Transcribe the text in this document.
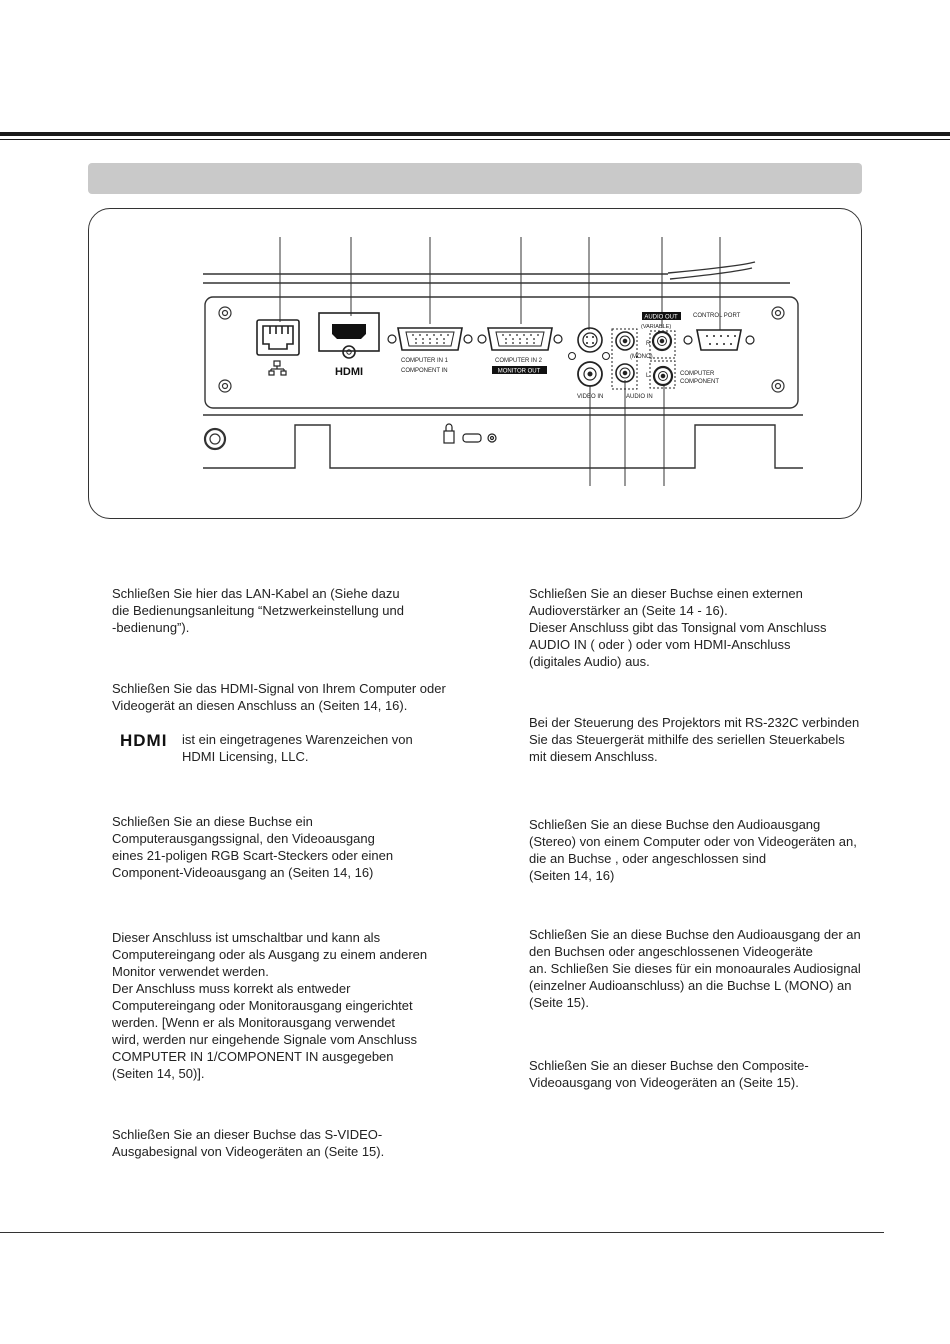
HDMI
COMPUTER IN 1
COMPONENT IN
COMPUTER IN 2
MONITOR OUT
VIDEO IN	AUDIO IN
R
(MONO)
L
AUDIO OUT
(VARIABLE)
COMPUTER
COMPONENT
CONTROL PORT
Schließen Sie hier das LAN-Kabel an (Siehe dazu
die Bedienungsanleitung “Netzwerkeinstellung und
-bedienung”).
Schließen Sie das HDMI-Signal von Ihrem Computer oder
Videogerät an diesen Anschluss an (Seiten 14, 16).
HDMI ist ein eingetragenes Warenzeichen von
HDMI Licensing, LLC.
Schließen Sie an diese Buchse ein
Computerausgangssignal, den Videoausgang
eines 21-poligen RGB Scart-Steckers oder einen
Component-Videoausgang an (Seiten 14, 16)
Dieser Anschluss ist umschaltbar und kann als
Computereingang oder als Ausgang zu einem anderen
Monitor verwendet werden.
Der Anschluss muss korrekt als entweder
Computereingang oder Monitorausgang eingerichtet
werden. [Wenn er als Monitorausgang verwendet
wird, werden nur eingehende Signale vom Anschluss
COMPUTER IN 1/COMPONENT IN ausgegeben
(Seiten 14, 50)].
Schließen Sie an dieser Buchse das S-VIDEO-
Ausgabesignal von Videogeräten an (Seite 15).
Schließen Sie an dieser Buchse einen externen
Audioverstärker an (Seite 14 - 16).
Dieser Anschluss gibt das Tonsignal vom Anschluss
AUDIO IN ( oder ) oder vom HDMI-Anschluss
(digitales Audio) aus.
Bei der Steuerung des Projektors mit RS-232C verbinden
Sie das Steuergerät mithilfe des seriellen Steuerkabels
mit diesem Anschluss.
Schließen Sie an diese Buchse den Audioausgang
(Stereo) von einem Computer oder von Videogeräten an,
die an Buchse , oder angeschlossen sind
(Seiten 14, 16)
Schließen Sie an diese Buchse den Audioausgang der an
den Buchsen oder angeschlossenen Videogeräte
an. Schließen Sie dieses für ein monoaurales Audiosignal
(einzelner Audioanschluss) an die Buchse L (MONO) an
(Seite 15).
Schließen Sie an dieser Buchse den Composite-
Videoausgang von Videogeräten an (Seite 15).
